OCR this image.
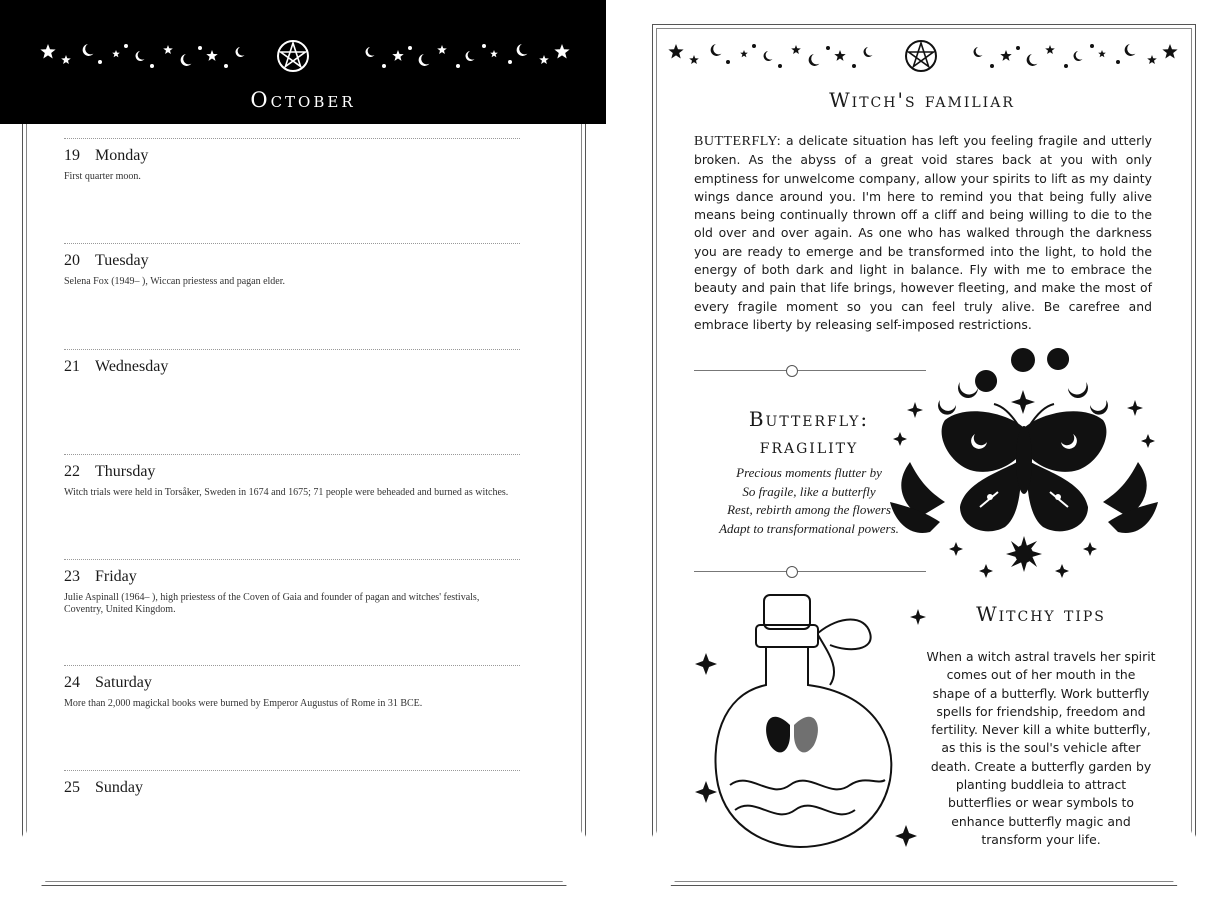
October
19 Monday
First quarter moon.
20 Tuesday
Selena Fox (1949– ), Wiccan priestess and pagan elder.
21 Wednesday
22 Thursday
Witch trials were held in Torsåker, Sweden in 1674 and 1675; 71 people were beheaded and burned as witches.
23 Friday
Julie Aspinall (1964– ), high priestess of the Coven of Gaia and founder of pagan and witches' festivals, Coventry, United Kingdom.
24 Saturday
More than 2,000 magickal books were burned by Emperor Augustus of Rome in 31 BCE.
25 Sunday
Witch's familiar
BUTTERFLY: a delicate situation has left you feeling fragile and utterly broken. As the abyss of a great void stares back at you with only emptiness for unwelcome company, allow your spirits to lift as my dainty wings dance around you. I'm here to remind you that being fully alive means being continually thrown off a cliff and being willing to die to the old over and over again. As one who has walked through the darkness you are ready to emerge and be transformed into the light, to hold the energy of both dark and light in balance. Fly with me to embrace the beauty and pain that life brings, however fleeting, and make the most of every fragile moment so you can feel truly alive. Be carefree and embrace liberty by releasing self-imposed restrictions.
Butterfly:
fragility
Precious moments flutter by
So fragile, like a butterfly
Rest, rebirth among the flowers
Adapt to transformational powers.
Witchy tips
When a witch astral travels her spirit comes out of her mouth in the shape of a butterfly. Work butterfly spells for friendship, freedom and fertility. Never kill a white butterfly, as this is the soul's vehicle after death. Create a butterfly garden by planting buddleia to attract butterflies or wear symbols to enhance butterfly magic and transform your life.
